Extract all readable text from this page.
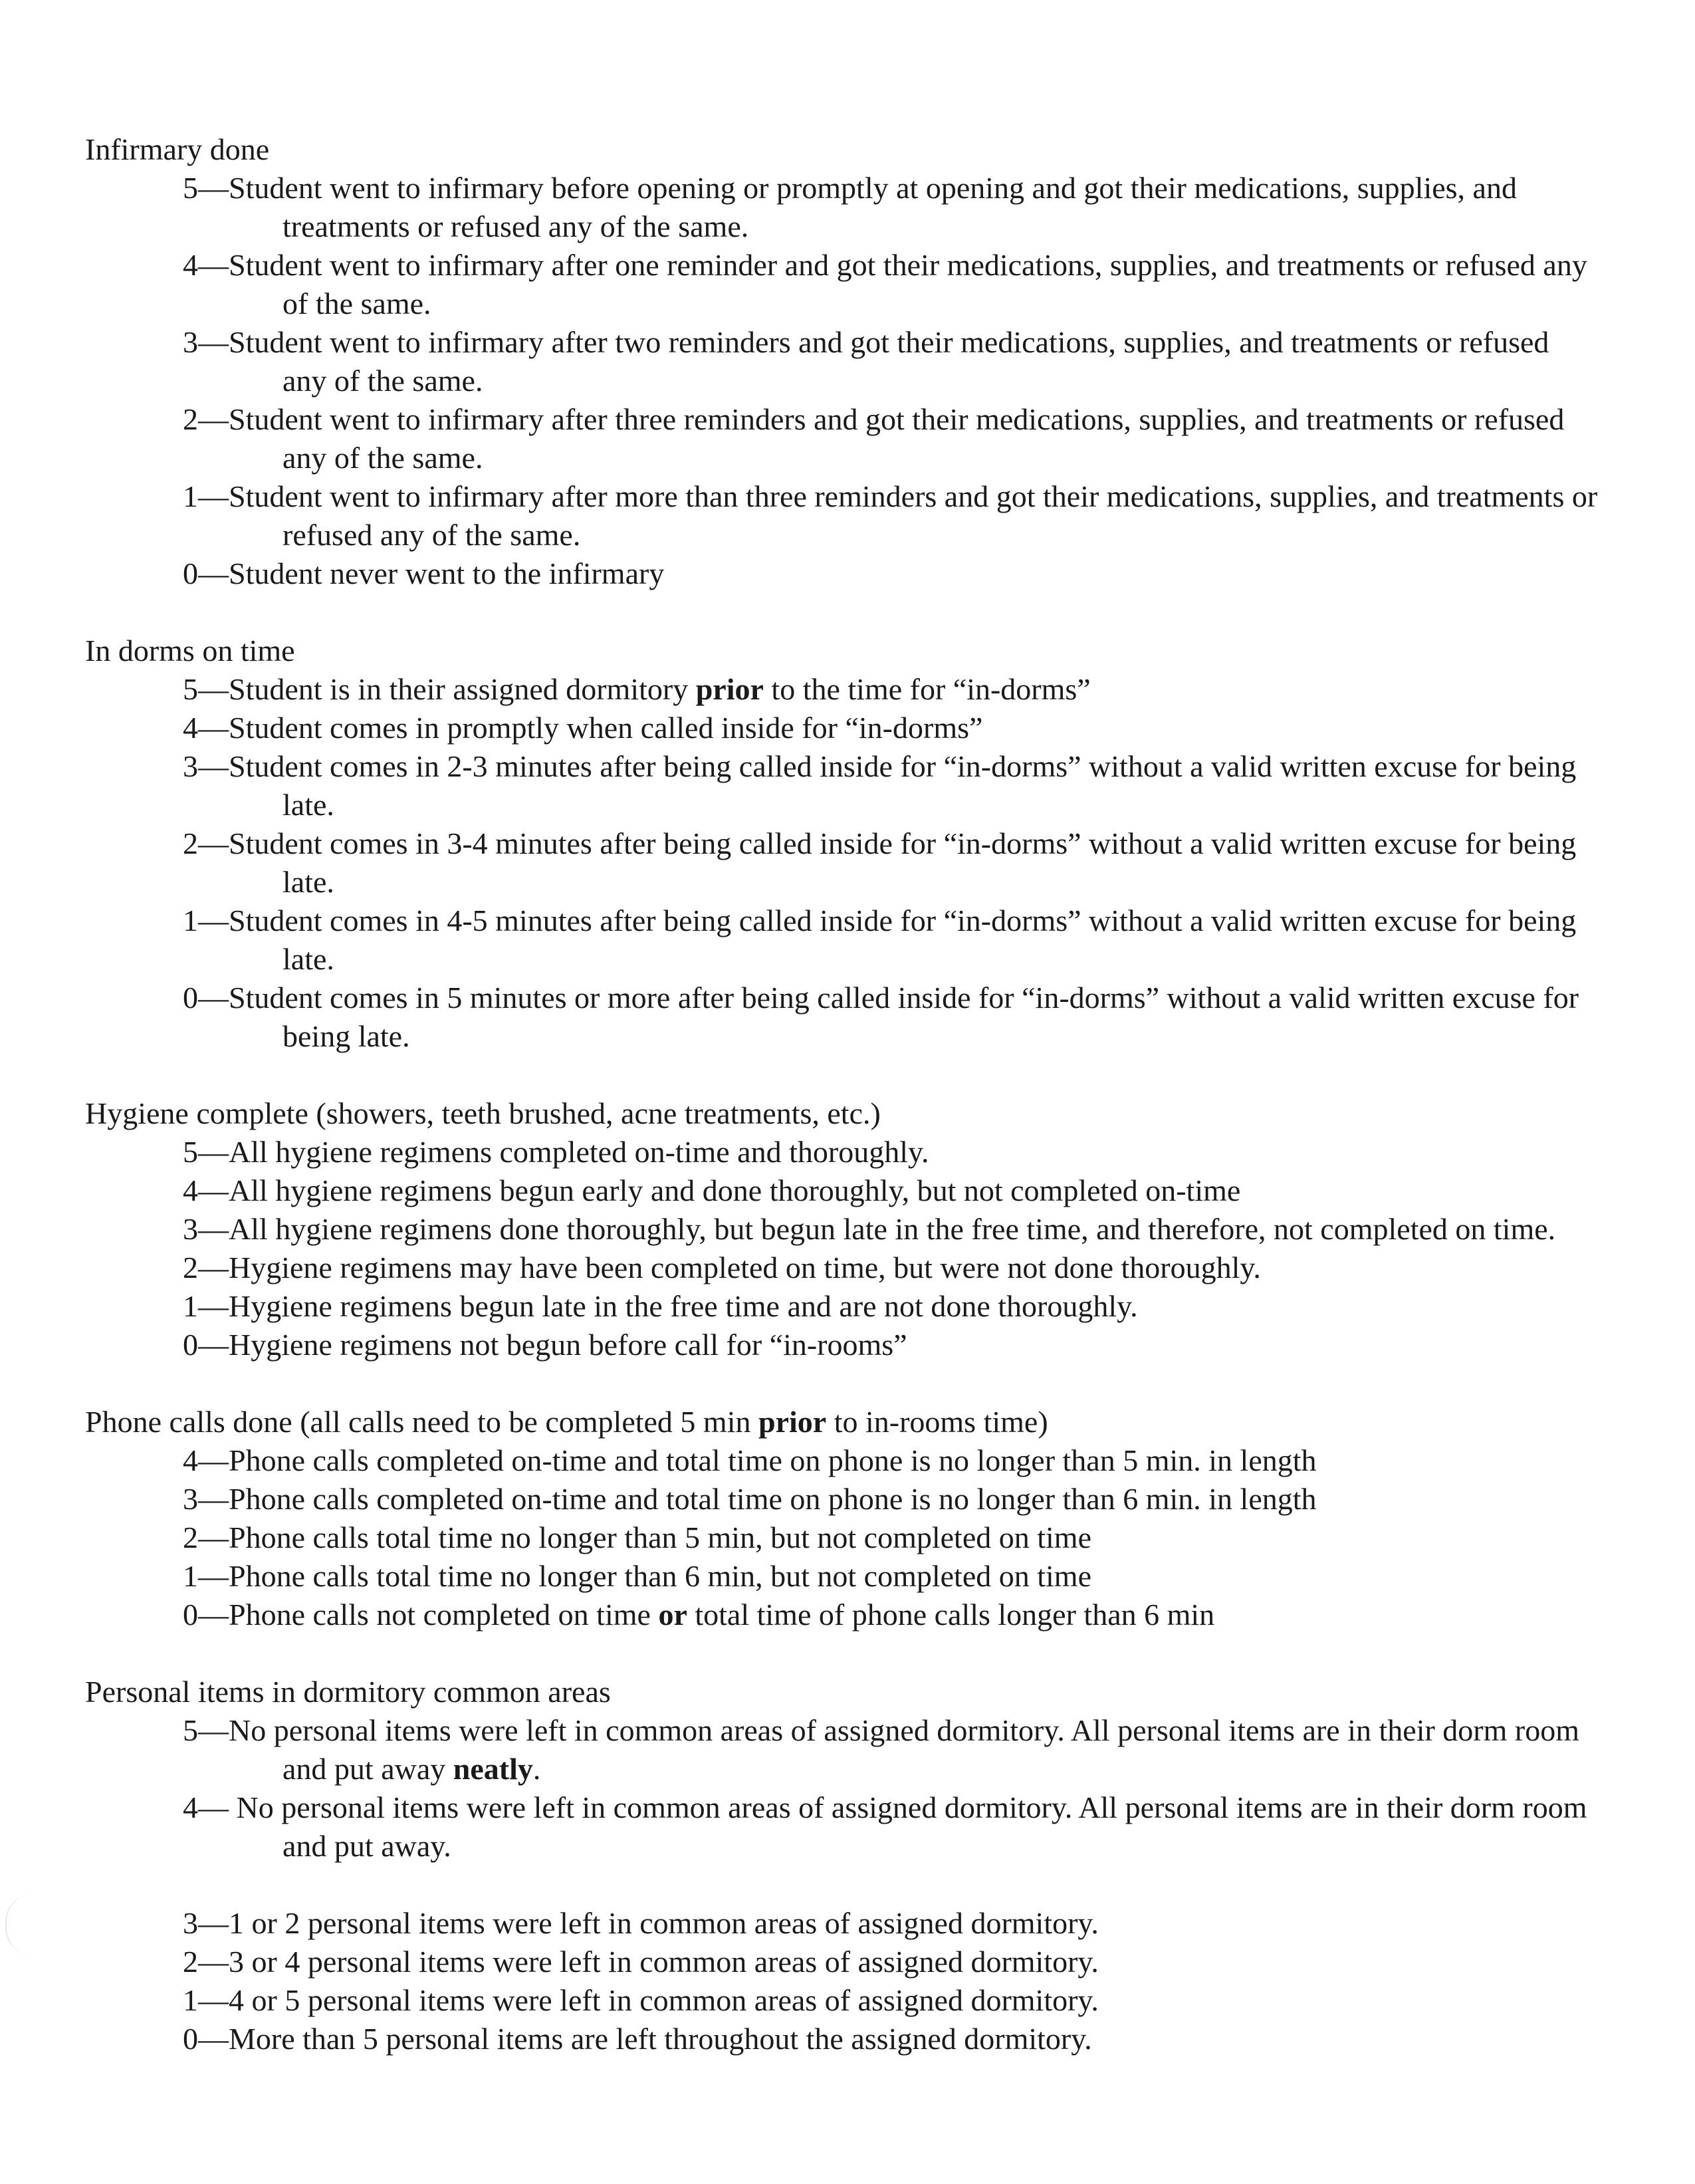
Infirmary done

5—Student went to infirmary before opening or promptly at opening and got their medications, supplies, and treatments or refused any of the same.
4—Student went to infirmary after one reminder and got their medications, supplies, and treatments or refused any of the same.
3—Student went to infirmary after two reminders and got their medications, supplies, and treatments or refused any of the same.
2—Student went to infirmary after three reminders and got their medications, supplies, and treatments or refused any of the same.
1—Student went to infirmary after more than three reminders and got their medications, supplies, and treatments or refused any of the same.
0—Student never went to the infirmary

In dorms on time

5—Student is in their assigned dormitory prior to the time for “in-dorms”
4—Student comes in promptly when called inside for “in-dorms”
3—Student comes in 2-3 minutes after being called inside for “in-dorms” without a valid written excuse for being late.
2—Student comes in 3-4 minutes after being called inside for “in-dorms” without a valid written excuse for being late.
1—Student comes in 4-5 minutes after being called inside for “in-dorms” without a valid written excuse for being late.
0—Student comes in 5 minutes or more after being called inside for “in-dorms” without a valid written excuse for being late.

Hygiene complete (showers, teeth brushed, acne treatments, etc.)

5—All hygiene regimens completed on-time and thoroughly.
4—All hygiene regimens begun early and done thoroughly, but not completed on-time
3—All hygiene regimens done thoroughly, but begun late in the free time, and therefore, not completed on time.
2—Hygiene regimens may have been completed on time, but were not done thoroughly.
1—Hygiene regimens begun late in the free time and are not done thoroughly.
0—Hygiene regimens not begun before call for “in-rooms”

Phone calls done (all calls need to be completed 5 min prior to in-rooms time)

4—Phone calls completed on-time and total time on phone is no longer than 5 min. in length
3—Phone calls completed on-time and total time on phone is no longer than 6 min. in length
2—Phone calls total time no longer than 5 min, but not completed on time
1—Phone calls total time no longer than 6 min, but not completed on time
0—Phone calls not completed on time or total time of phone calls longer than 6 min

Personal items in dormitory common areas

5—No personal items were left in common areas of assigned dormitory. All personal items are in their dorm room and put away neatly.
4— No personal items were left in common areas of assigned dormitory. All personal items are in their dorm room and put away.
3—1 or 2 personal items were left in common areas of assigned dormitory.
2—3 or 4 personal items were left in common areas of assigned dormitory.
1—4 or 5 personal items were left in common areas of assigned dormitory.
0—More than 5 personal items are left throughout the assigned dormitory.
